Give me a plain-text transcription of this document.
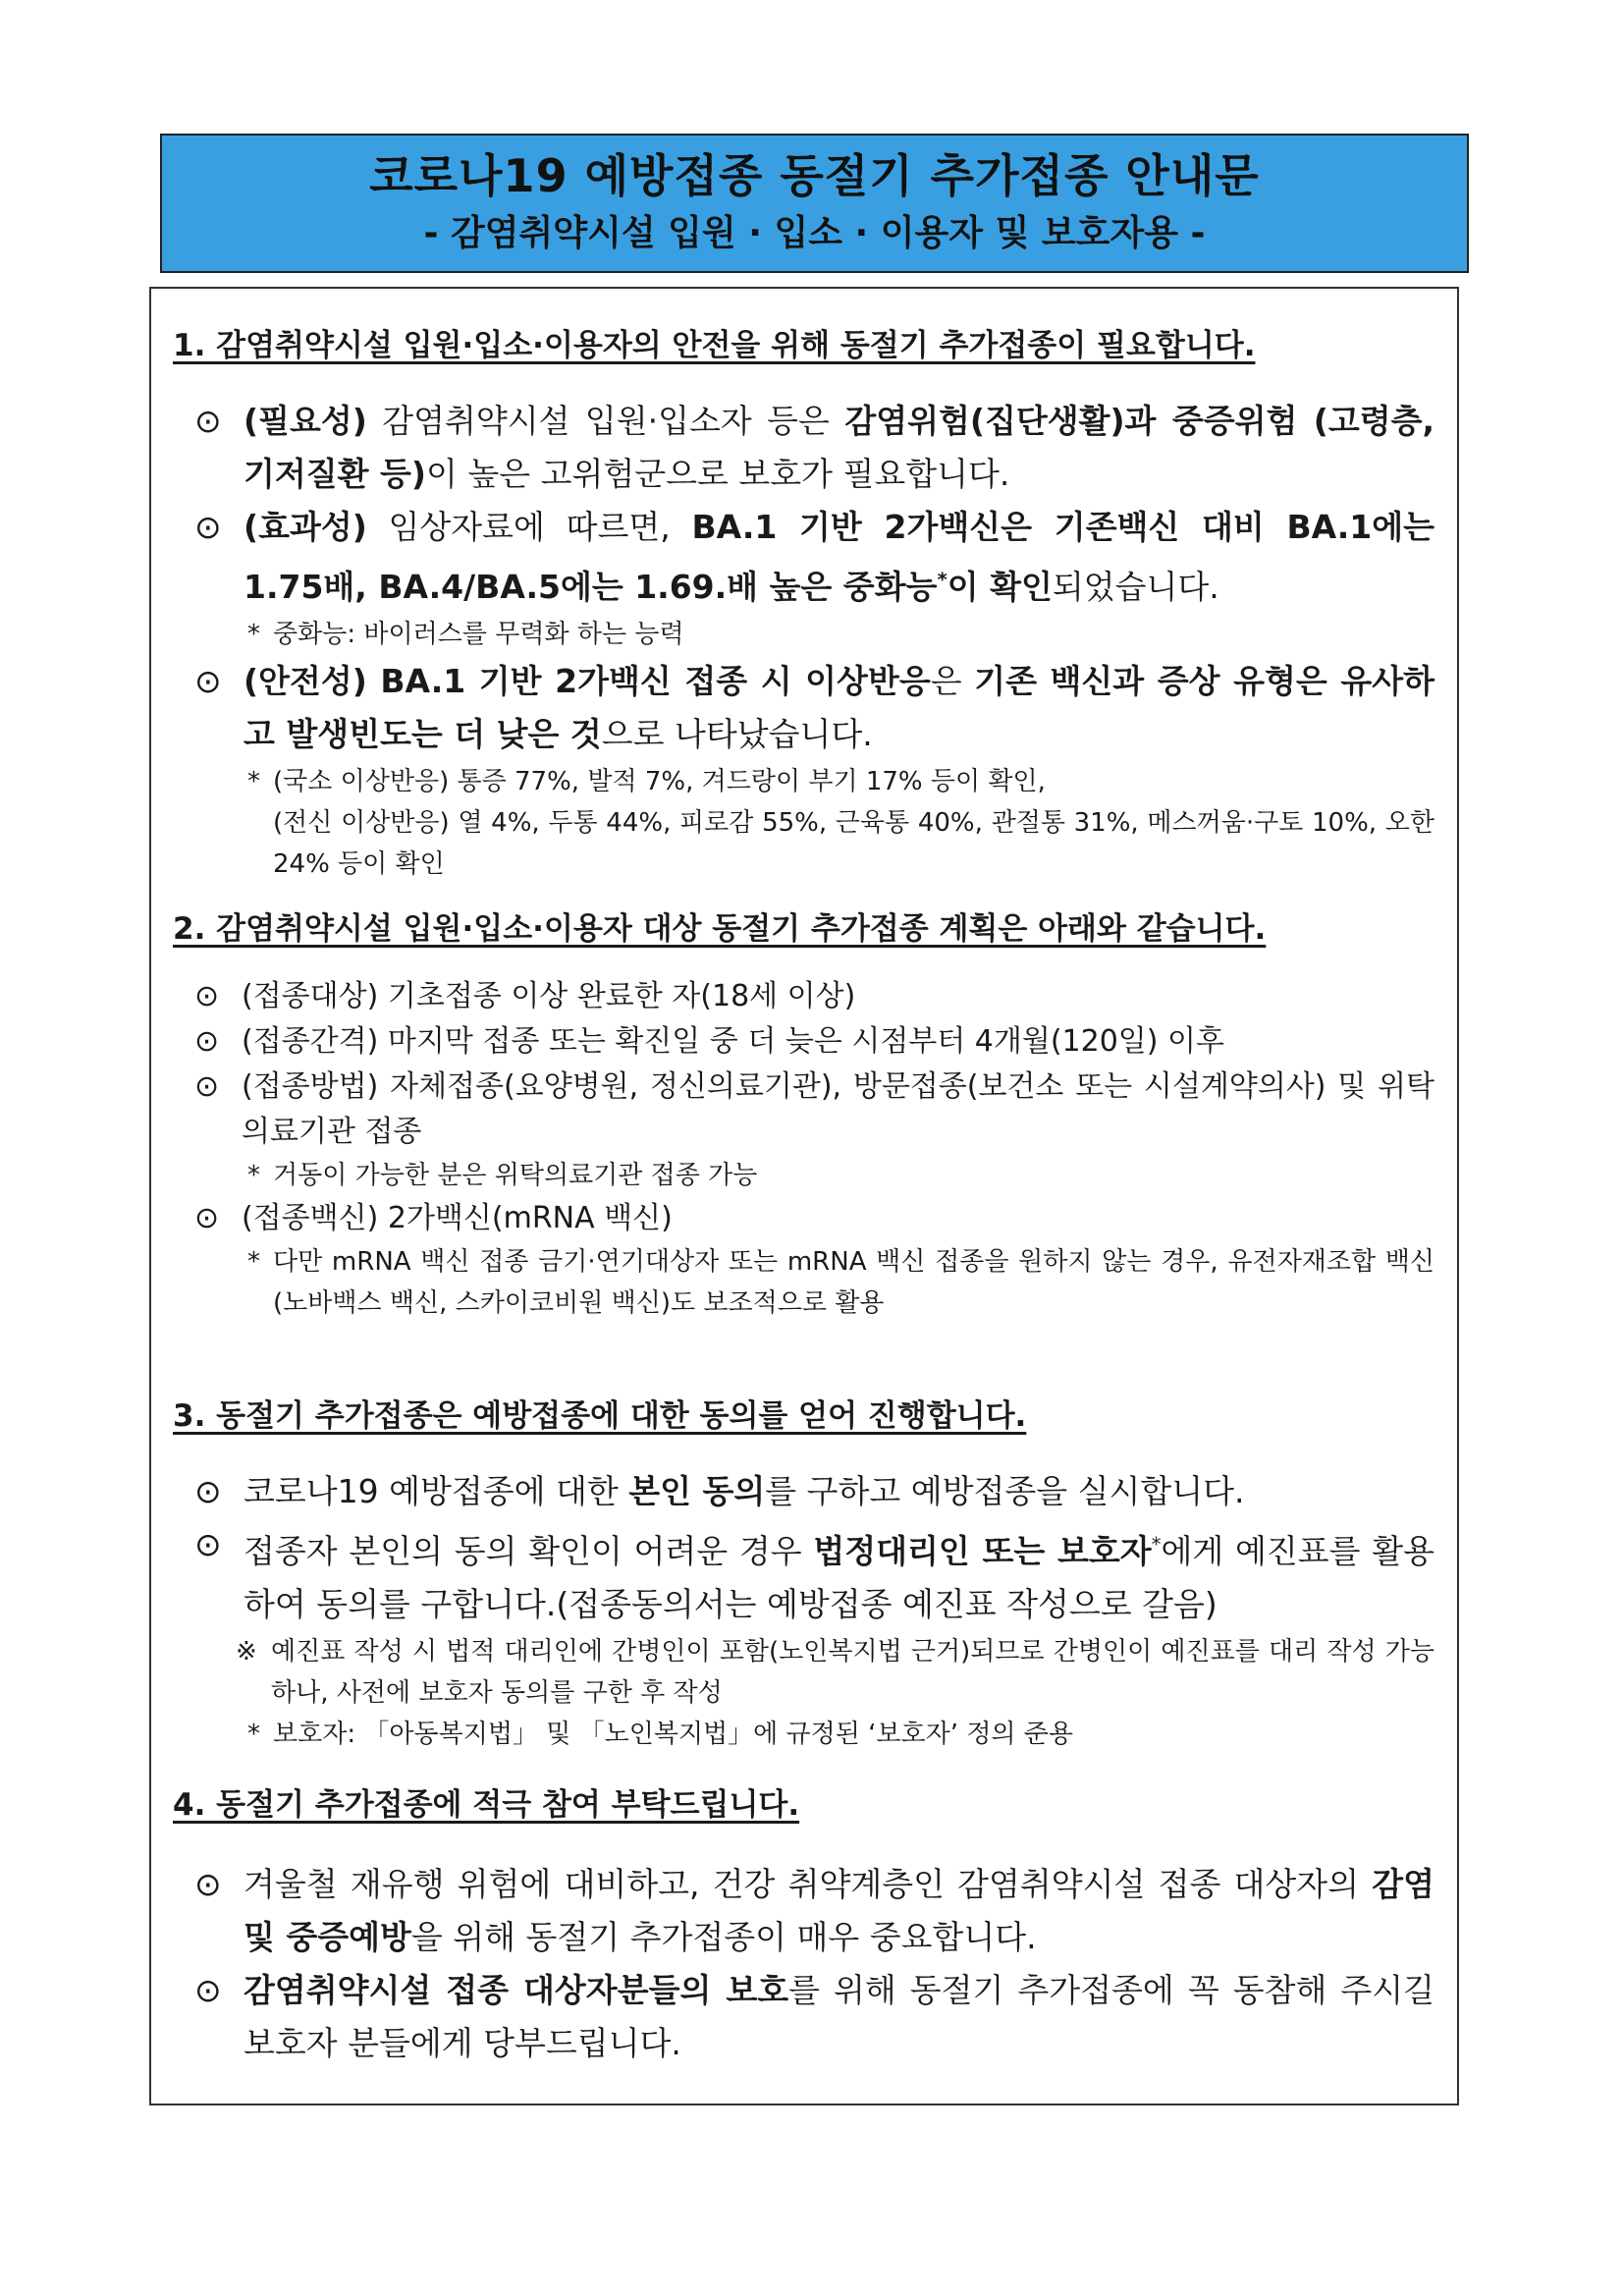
코로나19 예방접종 동절기 추가접종 안내문
- 감염취약시설 입원 · 입소 · 이용자 및 보호자용 -
1. 감염취약시설 입원·입소·이용자의 안전을 위해 동절기 추가접종이 필요합니다.
⊙ (필요성) 감염취약시설 입원·입소자 등은 감염위험(집단생활)과 중증위험 (고령층, 기저질환 등)이 높은 고위험군으로 보호가 필요합니다.
⊙ (효과성) 임상자료에 따르면, BA.1 기반 2가백신은 기존백신 대비 BA.1에는 1.75배, BA.4/BA.5에는 1.69.배 높은 중화능*이 확인되었습니다.
* 중화능: 바이러스를 무력화 하는 능력
⊙ (안전성) BA.1 기반 2가백신 접종 시 이상반응은 기존 백신과 증상 유형은 유사하고 발생빈도는 더 낮은 것으로 나타났습니다.
* (국소 이상반응) 통증 77%, 발적 7%, 겨드랑이 부기 17% 등이 확인,
(전신 이상반응) 열 4%, 두통 44%, 피로감 55%, 근육통 40%, 관절통 31%, 메스꺼움·구토 10%, 오한 24% 등이 확인
2. 감염취약시설 입원·입소·이용자 대상 동절기 추가접종 계획은 아래와 같습니다.
⊙ (접종대상) 기초접종 이상 완료한 자(18세 이상)
⊙ (접종간격) 마지막 접종 또는 확진일 중 더 늦은 시점부터 4개월(120일) 이후
⊙ (접종방법) 자체접종(요양병원, 정신의료기관), 방문접종(보건소 또는 시설계약의사) 및 위탁의료기관 접종
* 거동이 가능한 분은 위탁의료기관 접종 가능
⊙ (접종백신) 2가백신(mRNA 백신)
* 다만 mRNA 백신 접종 금기·연기대상자 또는 mRNA 백신 접종을 원하지 않는 경우, 유전자재조합 백신(노바백스 백신, 스카이코비원 백신)도 보조적으로 활용
3. 동절기 추가접종은 예방접종에 대한 동의를 얻어 진행합니다.
⊙ 코로나19 예방접종에 대한 본인 동의를 구하고 예방접종을 실시합니다.
⊙ 접종자 본인의 동의 확인이 어려운 경우 법정대리인 또는 보호자*에게 예진표를 활용하여 동의를 구합니다.(접종동의서는 예방접종 예진표 작성으로 갈음)
※ 예진표 작성 시 법적 대리인에 간병인이 포함(노인복지법 근거)되므로 간병인이 예진표를 대리 작성 가능하나, 사전에 보호자 동의를 구한 후 작성
* 보호자: 「아동복지법」 및 「노인복지법」에 규정된 ‘보호자’ 정의 준용
4. 동절기 추가접종에 적극 참여 부탁드립니다.
⊙ 겨울철 재유행 위험에 대비하고, 건강 취약계층인 감염취약시설 접종 대상자의 감염 및 중증예방을 위해 동절기 추가접종이 매우 중요합니다.
⊙ 감염취약시설 접종 대상자분들의 보호를 위해 동절기 추가접종에 꼭 동참해 주시길 보호자 분들에게 당부드립니다.
